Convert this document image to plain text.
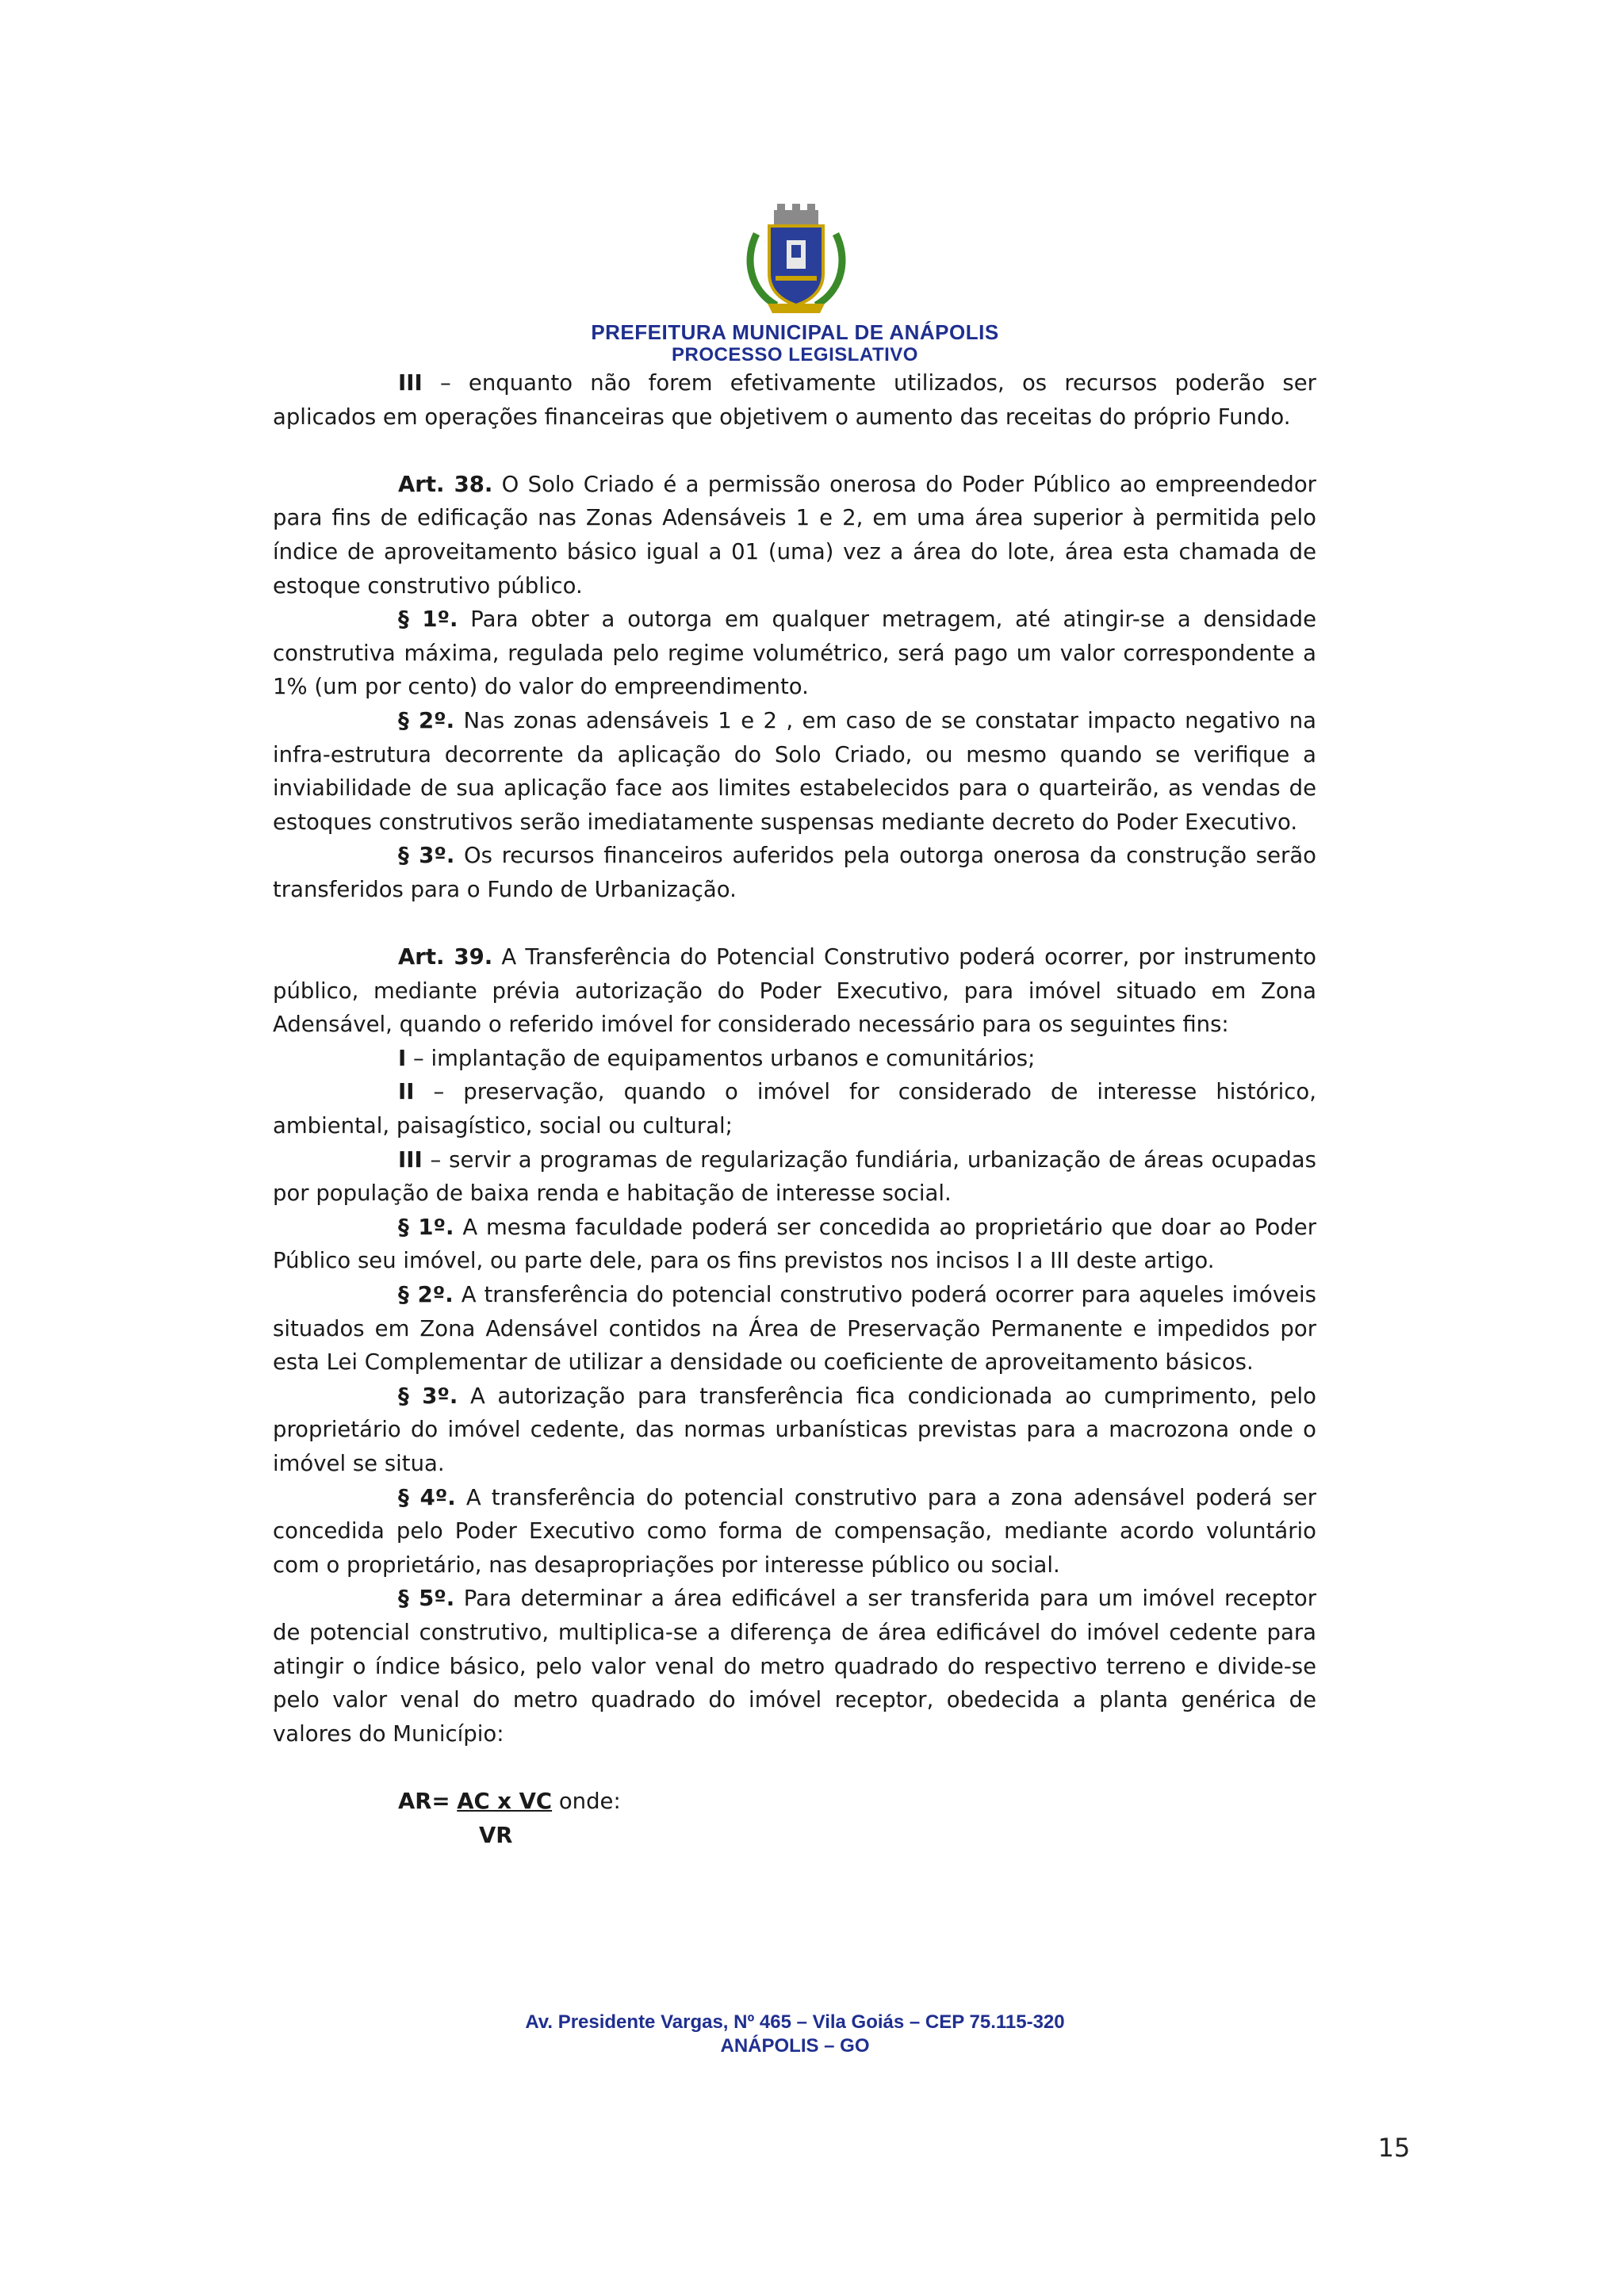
PREFEITURA MUNICIPAL DE ANÁPOLIS
PROCESSO LEGISLATIVO

III – enquanto não forem efetivamente utilizados, os recursos poderão ser aplicados em operações financeiras que objetivem o aumento das receitas do próprio Fundo.

Art. 38. O Solo Criado é a permissão onerosa do Poder Público ao empreendedor para fins de edificação nas Zonas Adensáveis 1 e 2, em uma área superior à permitida pelo índice de aproveitamento básico igual a 01 (uma) vez a área do lote, área esta chamada de estoque construtivo público.

§ 1º. Para obter a outorga em qualquer metragem, até atingir-se a densidade construtiva máxima, regulada pelo regime volumétrico, será pago um valor correspondente a 1% (um por cento) do valor do empreendimento.

§ 2º. Nas zonas adensáveis 1 e 2 , em caso de se constatar impacto negativo na infra-estrutura decorrente da aplicação do Solo Criado, ou mesmo quando se verifique a inviabilidade de sua aplicação face aos limites estabelecidos para o quarteirão, as vendas de estoques construtivos serão imediatamente suspensas mediante decreto do Poder Executivo.

§ 3º. Os recursos financeiros auferidos pela outorga onerosa da construção serão transferidos para o Fundo de Urbanização.

Art. 39. A Transferência do Potencial Construtivo poderá ocorrer, por instrumento público, mediante prévia autorização do Poder Executivo, para imóvel situado em Zona Adensável, quando o referido imóvel for considerado necessário para os seguintes fins:

I – implantação de equipamentos urbanos e comunitários;

II – preservação, quando o imóvel for considerado de interesse histórico, ambiental, paisagístico, social ou cultural;

III – servir a programas de regularização fundiária, urbanização de áreas ocupadas por população de baixa renda e habitação de interesse social.

§ 1º. A mesma faculdade poderá ser concedida ao proprietário que doar ao Poder Público seu imóvel, ou parte dele, para os fins previstos nos incisos I a III deste artigo.

§ 2º. A transferência do potencial construtivo poderá ocorrer para aqueles imóveis situados em Zona Adensável contidos na Área de Preservação Permanente e impedidos por esta Lei Complementar de utilizar a densidade ou coeficiente de aproveitamento básicos.

§ 3º. A autorização para transferência fica condicionada ao cumprimento, pelo proprietário do imóvel cedente, das normas urbanísticas previstas para a macrozona onde o imóvel se situa.

§ 4º. A transferência do potencial construtivo para a zona adensável poderá ser concedida pelo Poder Executivo como forma de compensação, mediante acordo voluntário com o proprietário, nas desapropriações por interesse público ou social.

§ 5º. Para determinar a área edificável a ser transferida para um imóvel receptor de potencial construtivo, multiplica-se a diferença de área edificável do imóvel cedente para atingir o índice básico, pelo valor venal do metro quadrado do respectivo terreno e divide-se pelo valor venal do metro quadrado do imóvel receptor, obedecida a planta genérica de valores do Município:

AR= AC x VC onde:
VR
Av. Presidente Vargas, Nº 465 – Vila Goiás – CEP 75.115-320
ANÁPOLIS – GO
15
